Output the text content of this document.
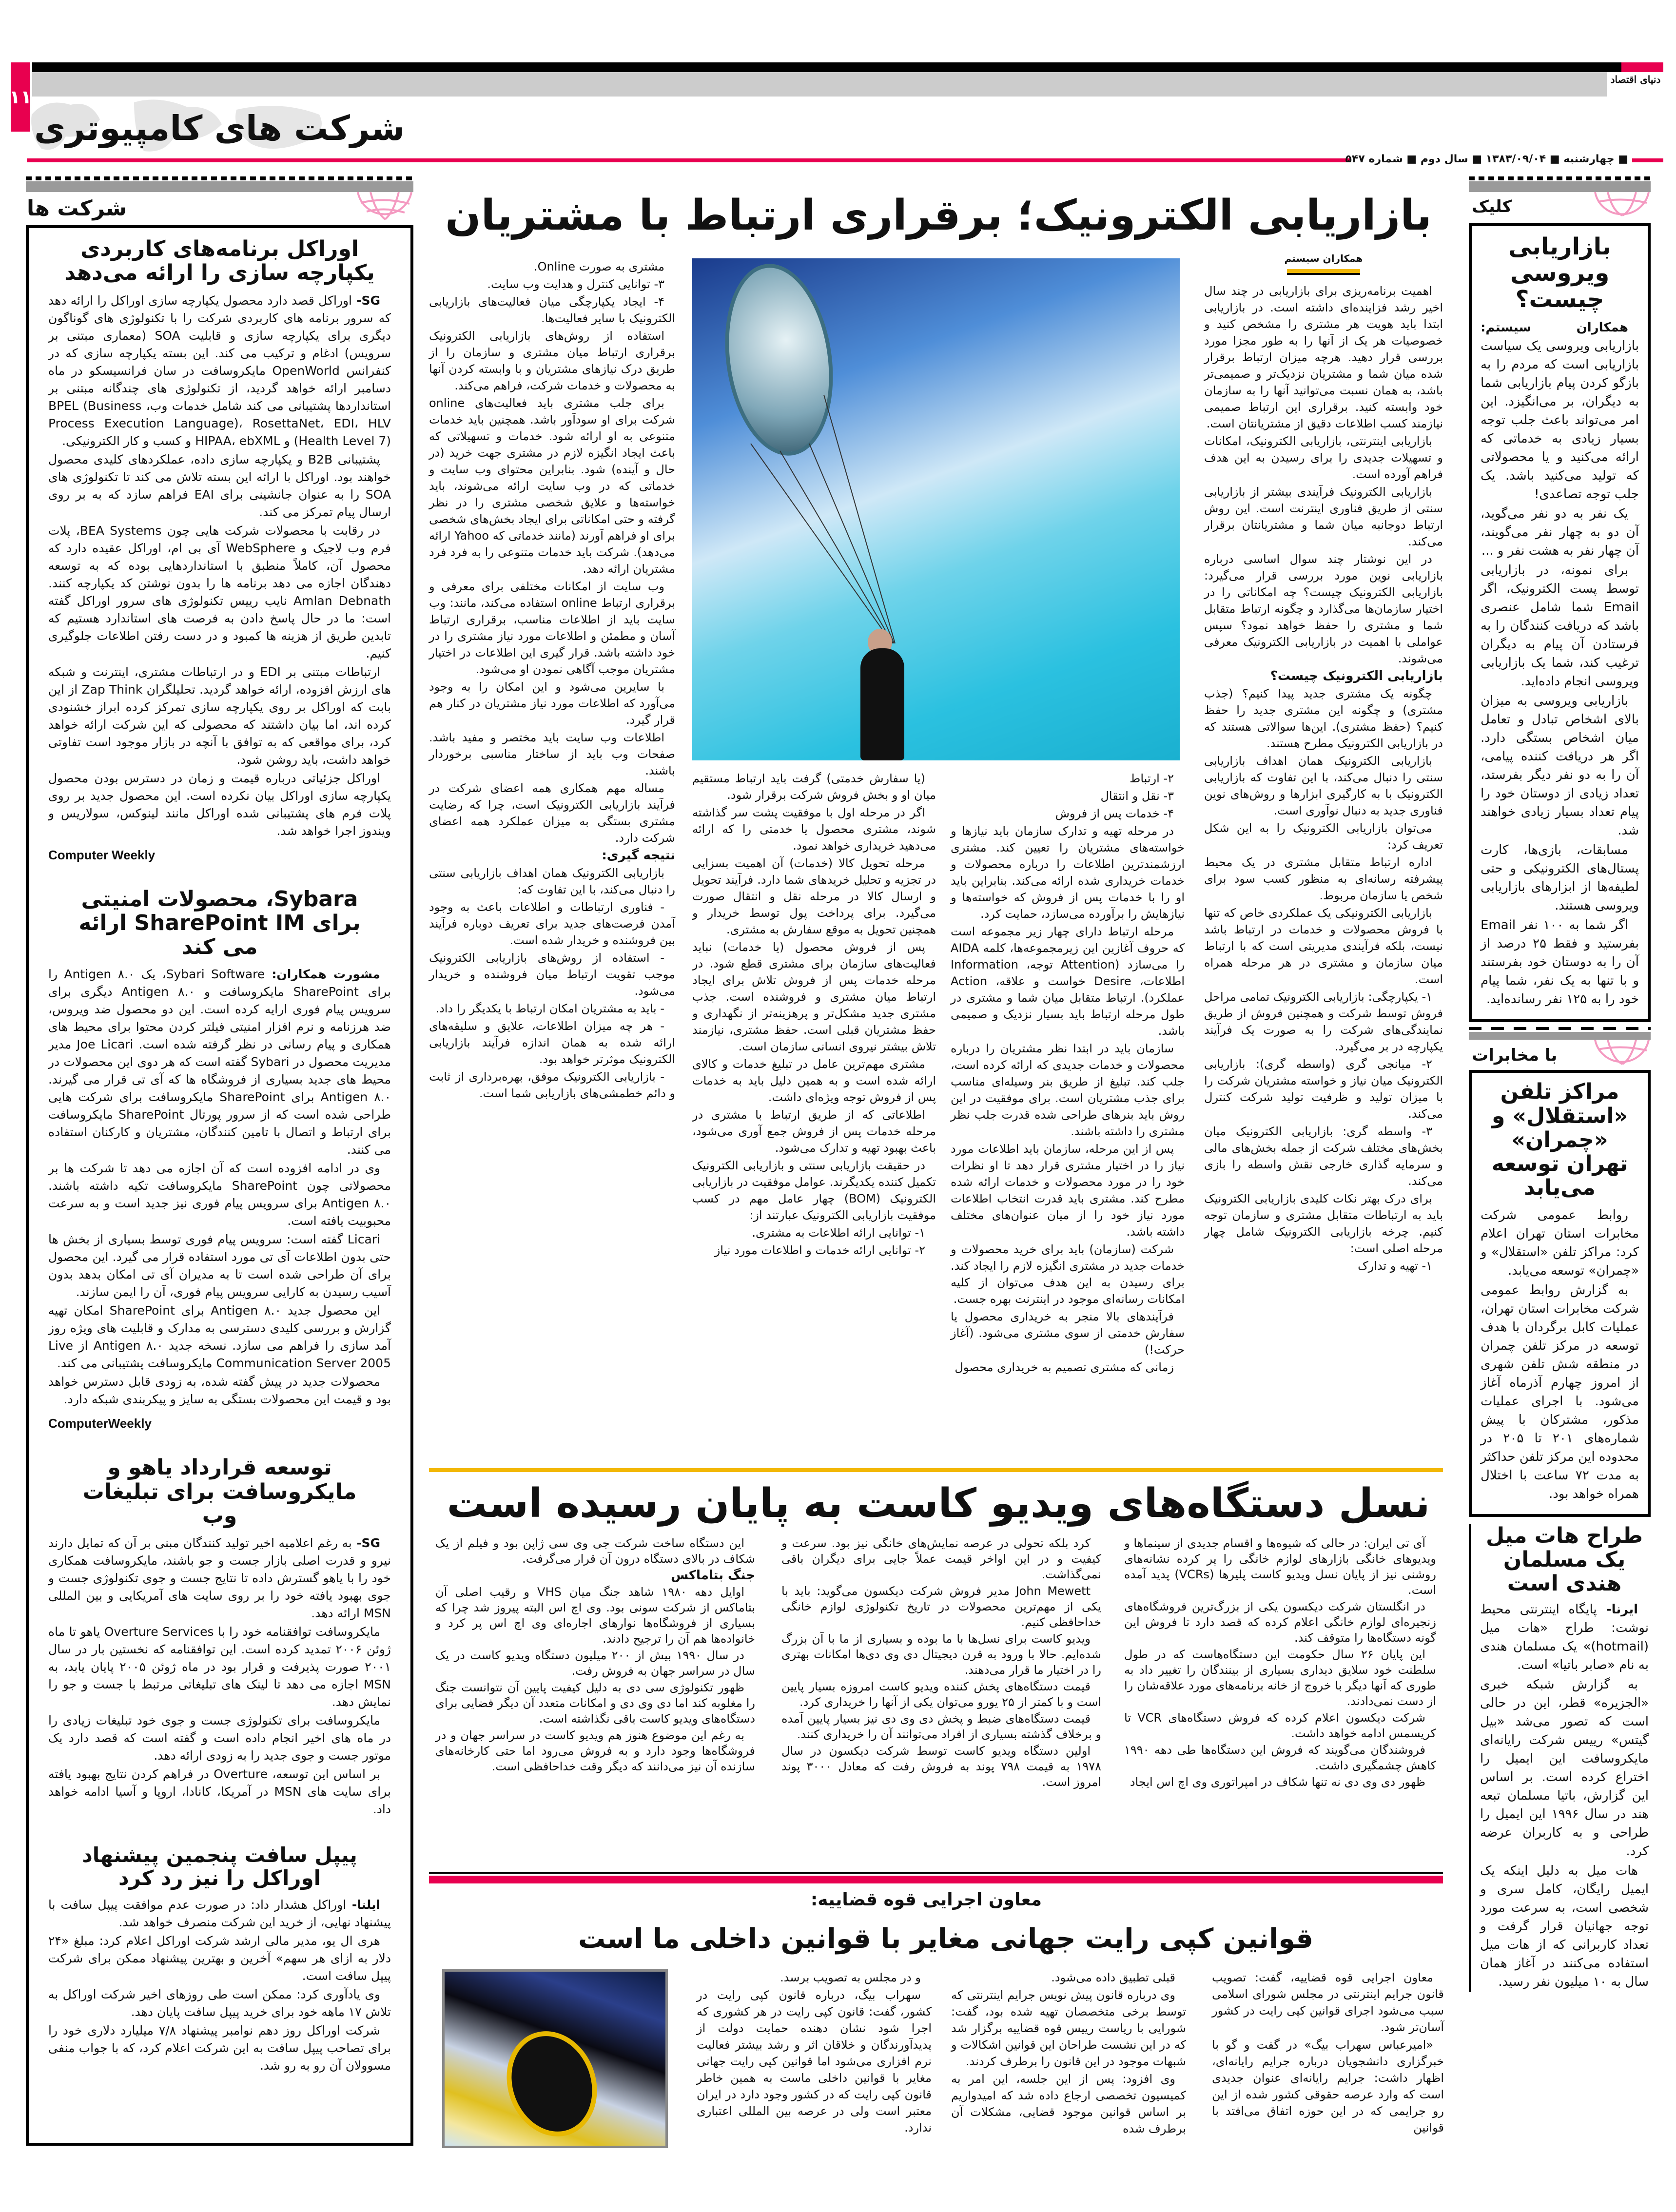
۱۱
دنیای اقتصاد
شرکت های کامپیوتری
■ چهارشنبه ■ ۱۳۸۳/۰۹/۰۴ ■ سال دوم ■ شماره ۵۴۷
شرکت ها
اوراکل برنامه‌های کاربردی یکپارچه سازی را ارائه می‌دهد

SG- اوراکل قصد دارد محصول یکپارچه سازی اوراکل را ارائه دهد که سرور برنامه های کاربردی شرکت را با تکنولوژی های گوناگون دیگری برای یکپارچه سازی و قابلیت SOA (معماری مبتنی بر سرویس) ادغام و ترکیب می کند. این بسته یکپارچه سازی که در کنفرانس OpenWorld مایکروسافت در سان فرانسیسکو در ماه دسامبر ارائه خواهد گردید، از تکنولوژی های چندگانه مبتنی بر استانداردها پشتیبانی می کند شامل خدمات وب، BPEL (Business Process Execution Language)، RosettaNet، EDI، HLV (Health Level 7) و HIPAA، ebXML و کسب و کار الکترونیکی.

پشتیبانی B2B و یکپارچه سازی داده، عملکردهای کلیدی محصول خواهند بود. اوراکل با ارائه این بسته تلاش می کند تا تکنولوژی های SOA را به عنوان جانشینی برای EAI فراهم سازد که به بر روی ارسال پیام تمرکز می کند.

در رقابت با محصولات شرکت هایی چون BEA Systems، پلات فرم وب لاجیک و WebSphere آی بی ام، اوراکل عقیده دارد که محصول آن، کاملاً منطبق با استانداردهایی بوده که به توسعه دهندگان اجازه می دهد برنامه ها را بدون نوشتن کد یکپارچه کنند. Amlan Debnath نایب رییس تکنولوژی های سرور اوراکل گفته است: ما در حال پاسخ دادن به فرصت های استاندارد هستیم که تابدین طریق از هزینه ها کمبود و در دست رفتن اطلاعات جلوگیری کنیم.

ارتباطات مبتنی بر EDI و در ارتباطات مشتری، اینترنت و شبکه های ارزش افزوده، ارائه خواهد گردید. تحلیلگران Zap Think از این بابت که اوراکل بر روی یکپارچه سازی تمرکز کرده ابراز خشنودی کرده اند، اما بیان داشتند که محصولی که این شرکت ارائه خواهد کرد، برای مواقعی که به توافق با آنچه در بازار موجود است تفاوتی خواهد داشت، باید روشن شود.

اوراکل جزئیاتی درباره قیمت و زمان در دسترس بودن محصول یکپارچه سازی اوراکل بیان نکرده است. این محصول جدید بر روی پلات فرم های پشتیبانی شده اوراکل مانند لینوکس، سولاریس و ویندوز اجرا خواهد شد.

Computer Weekly
Sybara، محصولات امنیتی برای SharePoint IM ارائه می کند

مشورت همکاران: Sybari Software، یک Antigen ۸.۰ را برای SharePoint مایکروسافت و Antigen ۸.۰ دیگری برای سرویس پیام فوری ارایه کرده است. این دو محصول ضد ویروس، ضد هرزنامه و نرم افزار امنیتی فیلتر کردن محتوا برای محیط های همکاری و پیام رسانی در نظر گرفته شده است. Joe Licari مدیر مدیریت محصول در Sybari گفته است که هر دوی این محصولات در محیط های جدید بسیاری از فروشگاه ها که آی تی قرار می گیرند. Antigen ۸.۰ برای SharePoint مایکروسافت برای شرکت هایی طراحی شده است که از سرور پورتال SharePoint مایکروسافت برای ارتباط و اتصال با تامین کنندگان، مشتریان و کارکنان استفاده می کنند.

وی در ادامه افزوده است که آن اجازه می دهد تا شرکت ها بر محصولاتی چون SharePoint مایکروسافت تکیه داشته باشند. Antigen ۸.۰ برای سرویس پیام فوری نیز جدید است و به سرعت محبوبیت یافته است.

Licari گفته است: سرویس پیام فوری توسط بسیاری از بخش ها حتی بدون اطلاعات آی تی مورد استفاده قرار می گیرد. این محصول برای آن طراحی شده است تا به مدیران آی تی امکان بدهد بدون آسیب رسیدن به کارایی سرویس پیام فوری، آن را ایمن سازند.

این محصول جدید Antigen ۸.۰ برای SharePoint امکان تهیه گزارش و بررسی کلیدی دسترسی به مدارک و قابلیت های ویژه روز آمد سازی را فراهم می سازد. نسخه جدید Antigen ۸.۰ از Live Communication Server 2005 مایکروسافت پشتیبانی می کند.

محصولات جدید در پیش گفته شده، به زودی قابل دسترس خواهد بود و قیمت این محصولات بستگی به سایز و پیکربندی شبکه دارد.

ComputerWeekly
توسعه قرارداد یاهو و مایکروسافت برای تبلیغات وب

SG- به رغم اعلامیه اخیر تولید کنندگان مبنی بر آن که تمایل دارند نیرو و قدرت اصلی بازار جست و جو باشند، مایکروسافت همکاری خود را با یاهو گسترش داده تا نتایج جست و جوی تکنولوژی جست و جوی بهبود یافته خود را بر روی سایت های آمریکایی و بین المللی MSN ارائه دهد.

مایکروسافت توافقنامه خود را با Overture Services یاهو تا ماه ژوئن ۲۰۰۶ تمدید کرده است. این توافقنامه که نخستین بار در سال ۲۰۰۱ صورت پذیرفت و قرار بود در ماه ژوئن ۲۰۰۵ پایان یابد، به MSN اجازه می دهد تا لینک های تبلیغاتی مرتبط با جست و جو را نمایش دهد.

مایکروسافت برای تکنولوژی جست و جوی خود تبلیغات زیادی را در ماه های اخیر انجام داده است و گفته است که قصد دارد یک موتور جست و جوی جدید را به زودی ارائه دهد.

بر اساس این توسعه، Overture در فراهم کردن نتایج بهبود یافته برای سایت های MSN در آمریکا، کانادا، اروپا و آسیا ادامه خواهد داد.

پیپل سافت پنجمین پیشنهاد اوراکل را نیز رد کرد

ایلنا- اوراکل هشدار داد: در صورت عدم موافقت پیپل سافت با پیشنهاد نهایی، از خرید این شرکت منصرف خواهد شد.

هری ال یو، مدیر مالی ارشد شرکت اوراکل اعلام کرد: مبلغ «۲۴ دلار به ازای هر سهم» آخرین و بهترین پیشنهاد ممکن برای شرکت پیپل سافت است.

وی یادآوری کرد: ممکن است طی روزهای اخیر شرکت اوراکل به تلاش ۱۷ ماهه خود برای خرید پیپل سافت پایان دهد.

شرکت اوراکل روز دهم نوامبر پیشنهاد ۷/۸ میلیارد دلاری خود را برای تصاحب پیپل سافت به این شرکت اعلام کرد، که با جواب منفی مسوولان آن رو به رو شد.

بازاریابی الکترونیک؛ برقراری ارتباط با مشتریان
همکاران سیستم

اهمیت برنامه‌ریزی برای بازاریابی در چند سال اخیر رشد فزاینده‌ای داشته است. در بازاریابی ابتدا باید هویت هر مشتری را مشخص کنید و خصوصیات هر یک از آنها را به طور مجزا مورد بررسی قرار دهید. هرچه میزان ارتباط برقرار شده میان شما و مشتریان نزدیک‌تر و صمیمی‌تر باشد، به همان نسبت می‌توانید آنها را به سازمان خود وابسته کنید. برقراری این ارتباط صمیمی نیازمند کسب اطلاعات دقیق از مشتریانتان است.

بازاریابی اینترنتی، بازاریابی الکترونیک، امکانات و تسهیلات جدیدی را برای رسیدن به این هدف فراهم آورده است.

بازاریابی الکترونیک فرآیندی بیشتر از بازاریابی سنتی از طریق فناوری اینترنت است. این روش ارتباط دوجانبه میان شما و مشتریانتان برقرار می‌کند.

در این نوشتار چند سوال اساسی درباره بازاریابی نوین مورد بررسی قرار می‌گیرد: بازاریابی الکترونیک چیست؟ چه امکاناتی را در اختیار سازمان‌ها می‌گذارد و چگونه ارتباط متقابل شما و مشتری را حفظ خواهد نمود؟ سپس عواملی با اهمیت در بازاریابی الکترونیک معرفی می‌شوند.

بازاریابی الکترونیک چیست؟

چگونه یک مشتری جدید پیدا کنیم؟ (جذب مشتری) و چگونه این مشتری جدید را حفظ کنیم؟ (حفظ مشتری). این‌ها سوالاتی هستند که در بازاریابی الکترونیک مطرح هستند.

بازاریابی الکترونیک همان اهداف بازاریابی سنتی را دنبال می‌کند، با این تفاوت که بازاریابی الکترونیک با به کارگیری ابزارها و روش‌های نوین فناوری جدید به دنبال نوآوری است.

می‌توان بازاریابی الکترونیک را به این شکل تعریف کرد:

اداره ارتباط متقابل مشتری در یک محیط پیشرفته رسانه‌ای به منظور کسب سود برای شخص یا سازمان مربوط.

بازاریابی الکترونیکی یک عملکردی خاص که تنها با فروش محصولات و خدمات در ارتباط باشد نیست، بلکه فرآیندی مدیریتی است که با ارتباط میان سازمان و مشتری در هر مرحله همراه است.

۱- یکپارچگی: بازاریابی الکترونیک تمامی مراحل فروش توسط شرکت و همچنین فروش از طریق نمایندگی‌های شرکت را به صورت یک فرآیند یکپارچه در بر می‌گیرد.

۲- میانجی گری (واسطه گری): بازاریابی الکترونیک میان نیاز و خواسته مشتریان شرکت را با میزان تولید و ظرفیت تولید شرکت کنترل می‌کند.

۳- واسطه گری: بازاریابی الکترونیک میان بخش‌های مختلف شرکت از جمله بخش‌های مالی و سرمایه گذاری خارجی نقش واسطه را بازی می‌کند.

برای درک بهتر نکات کلیدی بازاریابی الکترونیک باید به ارتباطات متقابل مشتری و سازمان توجه کنیم. چرخه بازاریابی الکترونیک شامل چهار مرحله اصلی است:

۱- تهیه و تدارک

۲- ارتباط

۳- نقل و انتقال

۴- خدمات پس از فروش

در مرحله تهیه و تدارک سازمان باید نیازها و خواسته‌های مشتریان را تعیین کند. مشتری ارزشمندترین اطلاعات را درباره محصولات و خدمات خریداری شده ارائه می‌کند. بنابراین باید او را با خدمات پس از فروش که خواسته‌ها و نیازهایش را برآورده می‌سازد، حمایت کرد.

مرحله ارتباط دارای چهار زیر مجموعه است که حروف آغازین این زیرمجموعه‌ها، کلمه AIDA را می‌سازد (Attention توجه، Information اطلاعات، Desire خواست و علاقه، Action عملکرد). ارتباط متقابل میان شما و مشتری در طول مرحله ارتباط باید بسیار نزدیک و صمیمی باشد.

سازمان باید در ابتدا نظر مشتریان را درباره محصولات و خدمات جدیدی که ارائه کرده است، جلب کند. تبلیغ از طریق بنر وسیله‌ای مناسب برای جذب مشتریان است. برای موفقیت در این روش باید بنرهای طراحی شده قدرت جلب نظر مشتری را داشته باشند.

پس از این مرحله، سازمان باید اطلاعات مورد نیاز را در اختیار مشتری قرار دهد تا او نظرات خود را در مورد محصولات و خدمات ارائه شده مطرح کند. مشتری باید قدرت انتخاب اطلاعات مورد نیاز خود را از میان عنوان‌های مختلف داشته باشد.

شرکت (سازمان) باید برای خرید محصولات و خدمات جدید در مشتری انگیزه لازم را ایجاد کند. برای رسیدن به این هدف می‌توان از کلیه امکانات رسانه‌ای موجود در اینترنت بهره جست.

فرآیندهای بالا منجر به خریداری محصول یا سفارش خدمتی از سوی مشتری می‌شود. (آغاز حرکت!)

زمانی که مشتری تصمیم به خریداری محصول

(یا سفارش خدمتی) گرفت باید ارتباط مستقیم میان او و بخش فروش شرکت برقرار شود.

اگر در مرحله اول با موفقیت پشت سر گذاشته شوند، مشتری محصول یا خدمتی را که ارائه می‌دهید خریداری خواهد نمود.

مرحله تحویل کالا (خدمات) آن اهمیت بسزایی در تجزیه و تحلیل خریدهای شما دارد. فرآیند تحویل و ارسال کالا در مرحله نقل و انتقال صورت می‌گیرد. برای پرداخت پول توسط خریدار و همچنین تحویل به موقع سفارش به مشتری.

پس از فروش محصول (یا خدمات) نباید فعالیت‌های سازمان برای مشتری قطع شود. در مرحله خدمات پس از فروش تلاش برای ایجاد ارتباط میان مشتری و فروشنده است. جذب مشتری جدید مشکل‌تر و پرهزینه‌تر از نگهداری و حفظ مشتریان قبلی است. حفظ مشتری، نیازمند تلاش بیشتر نیروی انسانی سازمان است.

مشتری مهم‌ترین عامل در تبلیغ خدمات و کالای ارائه شده است و به همین دلیل باید به خدمات پس از فروش توجه ویژه‌ای داشت.

اطلاعاتی که از طریق ارتباط با مشتری در مرحله خدمات پس از فروش جمع آوری می‌شود، باعث بهبود تهیه و تدارک می‌شود.

در حقیقت بازاریابی سنتی و بازاریابی الکترونیک تکمیل کننده یکدیگرند. عوامل موفقیت در بازاریابی الکترونیک (BOM) چهار عامل مهم در کسب موفقیت بازاریابی الکترونیک عبارتند از:

۱- توانایی ارائه اطلاعات به مشتری.

۲- توانایی ارائه خدمات و اطلاعات مورد نیاز

مشتری به صورت Online.

۳- توانایی کنترل و هدایت وب سایت.

۴- ایجاد یکپارچگی میان فعالیت‌های بازاریابی الکترونیک با سایر فعالیت‌ها.

استفاده از روش‌های بازاریابی الکترونیک برقراری ارتباط میان مشتری و سازمان را از طریق درک نیازهای مشتریان و با وابسته کردن آنها به محصولات و خدمات شرکت، فراهم می‌کند.

برای جلب مشتری باید فعالیت‌های online شرکت برای او سودآور باشد. همچنین باید خدمات متنوعی به او ارائه شود. خدمات و تسهیلاتی که باعث ایجاد انگیزه لازم در مشتری جهت خرید (در حال و آینده) شود. بنابراین محتوای وب سایت و خدماتی که در وب سایت ارائه می‌شوند، باید خواسته‌ها و علایق شخصی مشتری را در نظر گرفته و حتی امکاناتی برای ایجاد بخش‌های شخصی برای او فراهم آورند (مانند خدماتی که Yahoo ارائه می‌دهد). شرکت باید خدمات متنوعی را به فرد فرد مشتریان ارائه دهد.

وب سایت از امکانات مختلفی برای معرفی و برقراری ارتباط online استفاده می‌کند، مانند: وب سایت باید از اطلاعات مناسب، برقراری ارتباط آسان و مطمئن و اطلاعات مورد نیاز مشتری را در خود داشته باشد. قرار گیری این اطلاعات در اختیار مشتریان موجب آگاهی نمودن او می‌شود.

با سایرین می‌شود و این امکان را به وجود می‌آورد که اطلاعات مورد نیاز مشتریان در کنار هم قرار گیرد.

اطلاعات وب سایت باید مختصر و مفید باشد. صفحات وب باید از ساختار مناسبی برخوردار باشند.

مساله مهم همکاری همه اعضای شرکت در فرآیند بازاریابی الکترونیک است، چرا که رضایت مشتری بستگی به میزان عملکرد همه اعضای شرکت دارد.

نتیجه گیری:

بازاریابی الکترونیک همان اهداف بازاریابی سنتی را دنبال می‌کند، با این تفاوت که:

- فناوری ارتباطات و اطلاعات باعث به وجود آمدن فرصت‌های جدید برای تعریف دوباره فرآیند بین فروشنده و خریدار شده است.

- استفاده از روش‌های بازاریابی الکترونیک موجب تقویت ارتباط میان فروشنده و خریدار می‌شود.

- باید به مشتریان امکان ارتباط با یکدیگر را داد.

- هر چه میزان اطلاعات، علایق و سلیقه‌های ارائه شده به همان اندازه فرآیند بازاریابی الکترونیک موثرتر خواهد بود.

- بازاریابی الکترونیک موفق، بهره‌برداری از ثابت و دائم خطمشی‌های بازاریابی شما است.

نسل دستگاه‌های ویدیو کاست به پایان رسیده است

آی تی ایران: در حالی که شیوه‌ها و اقسام جدیدی از سینماها و ویدیوهای خانگی بازارهای لوازم خانگی را پر کرده نشانه‌های روشنی نیز از پایان نسل ویدیو کاست پلیرها (VCRs) پدید آمده است.

در انگلستان شرکت دیکسون یکی از بزرگ‌ترین فروشگاه‌های زنجیره‌ای لوازم خانگی اعلام کرده که قصد دارد تا فروش این گونه دستگاه‌ها را متوقف کند.

این پایان ۲۶ سال حکومت این دستگاه‌هاست که در طول سلطنت خود سلایق دیداری بسیاری از بینندگان را تغییر داد به طوری که آنها دیگر با خروج از خانه برنامه‌های مورد علاقه‌شان را از دست نمی‌دادند.

شرکت دیکسون اعلام کرده که فروش دستگاه‌های VCR تا کریسمس ادامه خواهد داشت.

فروشندگان می‌گویند که فروش این دستگاه‌ها طی دهه ۱۹۹۰ کاهش چشمگیری داشت.

ظهور دی وی دی نه تنها شکاف در امپراتوری وی اچ اس ایجاد

کرد بلکه تحولی در عرصه نمایش‌های خانگی نیز بود. سرعت و کیفیت و در این اواخر قیمت عملاً جایی برای دیگران باقی نمی‌گذاشت.

John Mewett مدیر فروش شرکت دیکسون می‌گوید: باید با یکی از مهم‌ترین محصولات در تاریخ تکنولوژی لوازم خانگی خداحافظی کنیم.

ویدیو کاست برای نسل‌ها با ما بوده و بسیاری از ما با آن بزرگ شده‌ایم. حالا با ورود به قرن دیجیتال دی وی دی‌ها امکانات بهتری را در اختیار ما قرار می‌دهند.

قیمت دستگاه‌های پخش کننده ویدیو کاست امروزه بسیار پایین است و با کمتر از ۲۵ یورو می‌توان یکی از آنها را خریداری کرد.

قیمت دستگاه‌های ضبط و پخش دی وی دی نیز بسیار پایین آمده و برخلاف گذشته بسیاری از افراد می‌توانند آن را خریداری کنند.

اولین دستگاه ویدیو کاست توسط شرکت دیکسون در سال ۱۹۷۸ به قیمت ۷۹۸ پوند به فروش رفت که معادل ۳۰۰۰ پوند امروز است.

این دستگاه ساخت شرکت جی وی سی ژاپن بود و فیلم از یک شکاف در بالای دستگاه درون آن قرار می‌گرفت.

جنگ بتاماکس

اوایل دهه ۱۹۸۰ شاهد جنگ میان VHS و رقیب اصلی آن بتاماکس از شرکت سونی بود. وی اچ اس البته پیروز شد چرا که بسیاری از فروشگاه‌ها نوارهای اجاره‌ای وی اچ اس پر کرد و خانواده‌ها هم آن را ترجیح دادند.

در سال ۱۹۹۰ بیش از ۲۰۰ میلیون دستگاه ویدیو کاست در یک سال در سراسر جهان به فروش رفت.

ظهور تکنولوژی سی دی به دلیل کیفیت پایین آن نتوانست جنگ را مغلوبه کند اما دی وی دی و امکانات متعدد آن دیگر فضایی برای دستگاه‌های ویدیو کاست باقی نگذاشته است.

به رغم این موضوع هنوز هم ویدیو کاست در سراسر جهان و در فروشگاه‌ها وجود دارد و به فروش می‌رود اما حتی کارخانه‌های سازنده آن نیز می‌دانند که دیگر وقت خداحافظی است.

معاون اجرایی قوه قضاییه:
قوانین کپی رایت جهانی مغایر با قوانین داخلی ما است

معاون اجرایی قوه قضاییه، گفت: تصویب قانون جرایم اینترنتی در مجلس شورای اسلامی سبب می‌شود اجرای قوانین کپی رایت در کشور آسان‌تر شود.

«امیرعباس سهراب بیگ» در گفت و گو با خبرگزاری دانشجویان درباره جرایم رایانه‌ای، اظهار داشت: جرایم رایانه‌ای عنوان جدیدی است که وارد عرصه حقوقی کشور شده از این رو جرایمی که در این حوزه اتفاق می‌افتد با قوانین

قبلی تطبیق داده می‌شود.

وی درباره قانون پیش نویس جرایم اینترنتی که توسط برخی متخصصان تهیه شده بود، گفت: شورایی با ریاست رییس قوه قضاییه برگزار شد که در این نشست طراحان این قوانین اشکالات و شبهات موجود در این قانون را برطرف کردند.

وی افزود: پس از این جلسه، این امر به کمیسیون تخصصی ارجاع داده شد که امیدواریم بر اساس قوانین موجود قضایی، مشکلات آن برطرف شده

و در مجلس به تصویب برسد.

سهراب بیگ، درباره قانون کپی رایت در کشور، گفت: قانون کپی رایت در هر کشوری که اجرا شود نشان دهنده حمایت دولت از پدیدآورندگان و خلاقان اثر و رشد بیشتر فعالیت نرم افزاری می‌شود اما قوانین کپی رایت جهانی مغایر با قوانین داخلی ماست به همین خاطر قانون کپی رایت که در کشور وجود دارد در ایران معتبر است ولی در عرصه بین المللی اعتباری ندارد.

کلیک
بازاریابی ویروسی چیست؟

همکاران سیستم: بازاریابی ویروسی یک سیاست بازاریابی است که مردم را به بازگو کردن پیام بازاریابی شما به دیگران، بر می‌انگیزد. این امر می‌تواند باعث جلب توجه بسیار زیادی به خدماتی که ارائه می‌کنید و یا محصولاتی که تولید می‌کنید باشد. یک جلب توجه تصاعدی!

یک نفر به دو نفر می‌گوید، آن دو به چهار نفر می‌گویند، آن چهار نفر به هشت نفر و ...

برای نمونه، در بازاریابی توسط پست الکترونیک، اگر Email شما شامل عنصری باشد که دریافت کنندگان را به فرستادن آن پیام به دیگران ترغیب کند، شما یک بازاریابی ویروسی انجام داده‌اید.

بازاریابی ویروسی به میزان بالای اشخاص تبادل و تعامل میان اشخاص بستگی دارد. اگر هر دریافت کننده پیامی، آن را به دو نفر دیگر بفرستد، تعداد زیادی از دوستان خود را پیام تعداد بسیار زیادی خواهند شد.

مسابقات، بازی‌ها، کارت پستال‌های الکترونیکی و حتی لطیفه‌ها از ابزارهای بازاریابی ویروسی هستند.

اگر شما به ۱۰۰ نفر Email بفرستید و فقط ۲۵ درصد از آن را به دوستان خود بفرستند و با تنها به یک نفر، شما پیام خود را به ۱۲۵ نفر رسانده‌اید.

با مخابرات
مراکز تلفن «استقلال» و «چمران» تهران توسعه می‌یابد

روابط عمومی شرکت مخابرات استان تهران اعلام کرد: مراکز تلفن «استقلال» و «چمران» توسعه می‌یابد.

به گزارش روابط عمومی شرکت مخابرات استان تهران، عملیات کابل برگردان با هدف توسعه در مرکز تلفن چمران در منطقه شش تلفن شهری از امروز چهارم آذرماه آغاز می‌شود. با اجرای عملیات مذکور، مشترکان با پیش شماره‌های ۲۰۱ تا ۲۰۵ در محدوده این مرکز تلفن حداکثر به مدت ۷۲ ساعت با اختلال همراه خواهد بود.

طراح هات میل یک مسلمان هندی است

ایرنا- پایگاه اینترنتی محیط نوشت: طراح «هات میل (hotmail)» یک مسلمان هندی به نام «صابر باتیا» است.

به گزارش شبکه خبری «الجزیره» قطر، این در حالی است که تصور می‌شد «بیل گیتس» رییس شرکت رایانه‌ای مایکروسافت این ایمیل را اختراع کرده است. بر اساس این گزارش، باتیا مسلمان تبعه هند در سال ۱۹۹۶ این ایمیل را طراحی و به کاربران عرضه کرد.

هات میل به دلیل اینکه یک ایمیل رایگان، کامل سری و شخصی است، به سرعت مورد توجه جهانیان قرار گرفت و تعداد کاربرانی که از هات میل استفاده می‌کنند در آغاز همان سال به ۱۰ میلیون نفر رسید.
